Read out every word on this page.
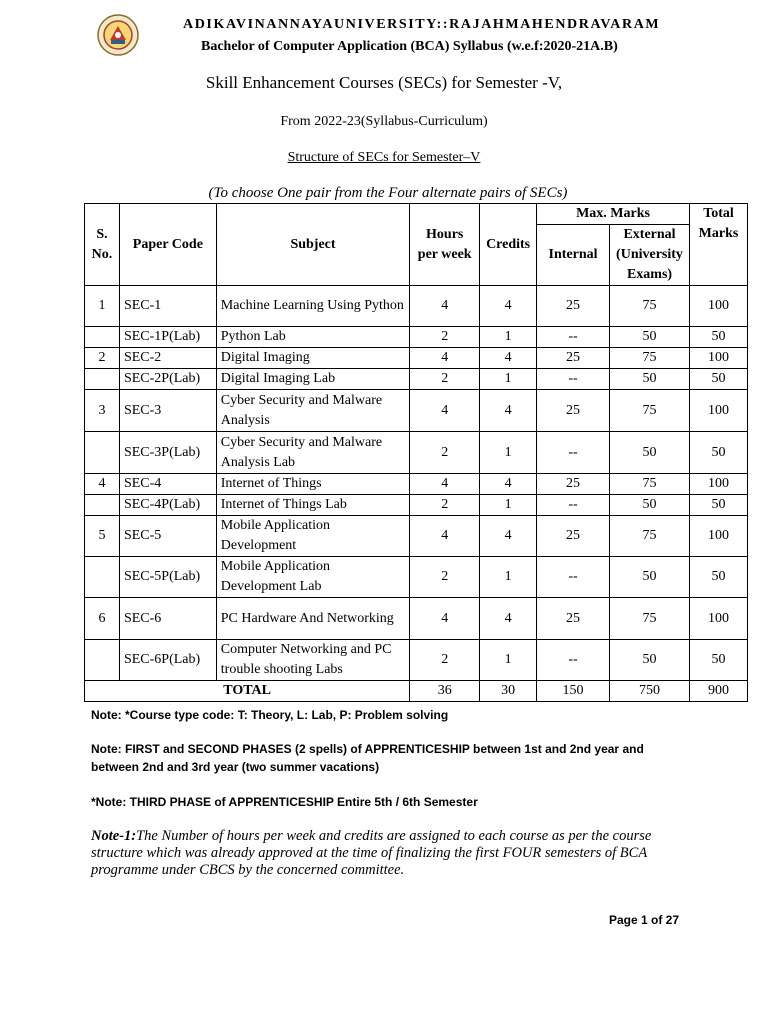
ADIKAVINANNAYAUNIVERSITY::RAJAHMAHENDRAVARAM
Bachelor of Computer Application (BCA) Syllabus (w.e.f:2020-21A.B)
Skill Enhancement Courses (SECs) for Semester -V,
From 2022-23(Syllabus-Curriculum)
Structure of SECs for Semester–V
(To choose One pair from the Four alternate pairs of SECs)
S. No.	Paper Code	Subject	Hours per week	Credits	Max. Marks		Total Marks
					Internal	External (University Exams)	
1	SEC-1	Machine Learning Using Python	4	4	25	75	100
	SEC-1P(Lab)	Python Lab	2	1	--	50	50
2	SEC-2	Digital Imaging	4	4	25	75	100
	SEC-2P(Lab)	Digital Imaging Lab	2	1	--	50	50
3	SEC-3	Cyber Security and Malware Analysis	4	4	25	75	100
	SEC-3P(Lab)	Cyber Security and Malware Analysis Lab	2	1	--	50	50
4	SEC-4	Internet of Things	4	4	25	75	100
	SEC-4P(Lab)	Internet of Things Lab	2	1	--	50	50
5	SEC-5	Mobile Application Development	4	4	25	75	100
	SEC-5P(Lab)	Mobile Application Development Lab	2	1	--	50	50
6	SEC-6	PC Hardware And Networking	4	4	25	75	100
	SEC-6P(Lab)	Computer Networking and PC trouble shooting Labs	2	1	--	50	50
TOTAL			36	30	150	750	900
Note: *Course type code: T: Theory, L: Lab, P: Problem solving
Note: FIRST and SECOND PHASES (2 spells) of APPRENTICESHIP between 1st and 2nd year and between 2nd and 3rd year (two summer vacations)
*Note: THIRD PHASE of APPRENTICESHIP Entire 5th / 6th Semester
Note-1:The Number of hours per week and credits are assigned to each course as per the course structure which was already approved at the time of finalizing the first FOUR semesters of BCA programme under CBCS by the concerned committee.
Page 1 of 27
